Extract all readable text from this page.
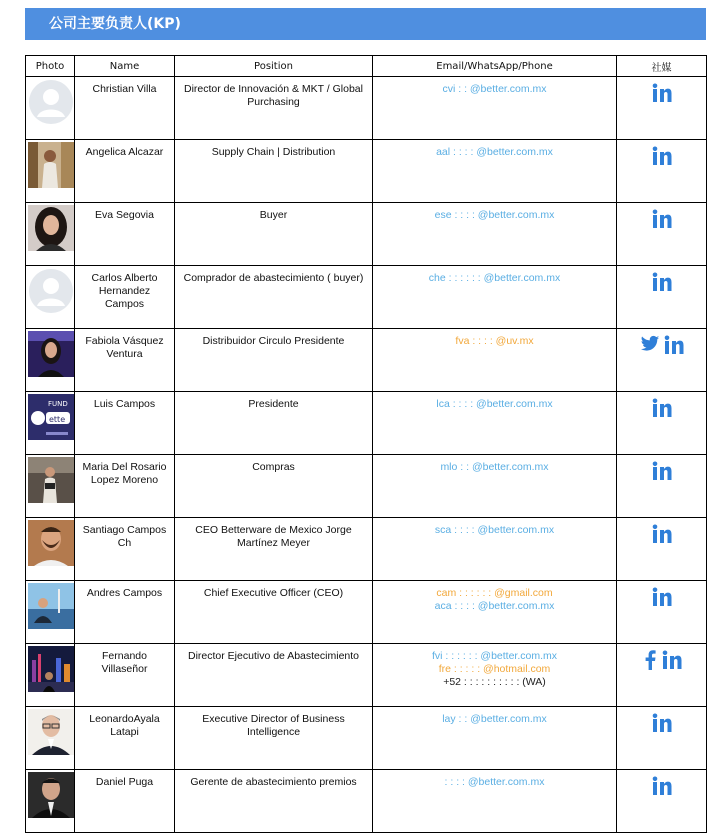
公司主要负责人(KP)
Photo	Name	Position	Email/WhatsApp/Phone	社媒

	Christian Villa	Director de Innovación & MKT / Global Purchasing	cvi : : @better.com.mx

	Angelica Alcazar	Supply Chain | Distribution	aal : : : : @better.com.mx

	Eva Segovia	Buyer	ese : : : : @better.com.mx

	Carlos Alberto Hernandez Campos	Comprador de abastecimiento ( buyer)	che : : : : : : @better.com.mx

	Fabiola Vásquez Ventura	Distribuidor Circulo Presidente	fva : : : : @uv.mx

FUND
ette	Luis Campos	Presidente	lca : : : : @better.com.mx

	Maria Del Rosario Lopez Moreno	Compras	mlo : : @better.com.mx

	Santiago Campos Ch	CEO Betterware de Mexico Jorge Martínez Meyer	sca : : : : @better.com.mx

	Andres Campos	Chief Executive Officer (CEO)	cam : : : : : : @gmail.com
aca : : : : @better.com.mx

	Fernando Villaseñor	Director Ejecutivo de Abastecimiento	fvi : : : : : : @better.com.mx
fre : : : : : @hotmail.com
+52 : : : : : : : : : : (WA)

	LeonardoAyala Latapi	Executive Director of Business Intelligence	lay : : @better.com.mx

	Daniel Puga	Gerente de abastecimiento premios	: : : : @better.com.mx
